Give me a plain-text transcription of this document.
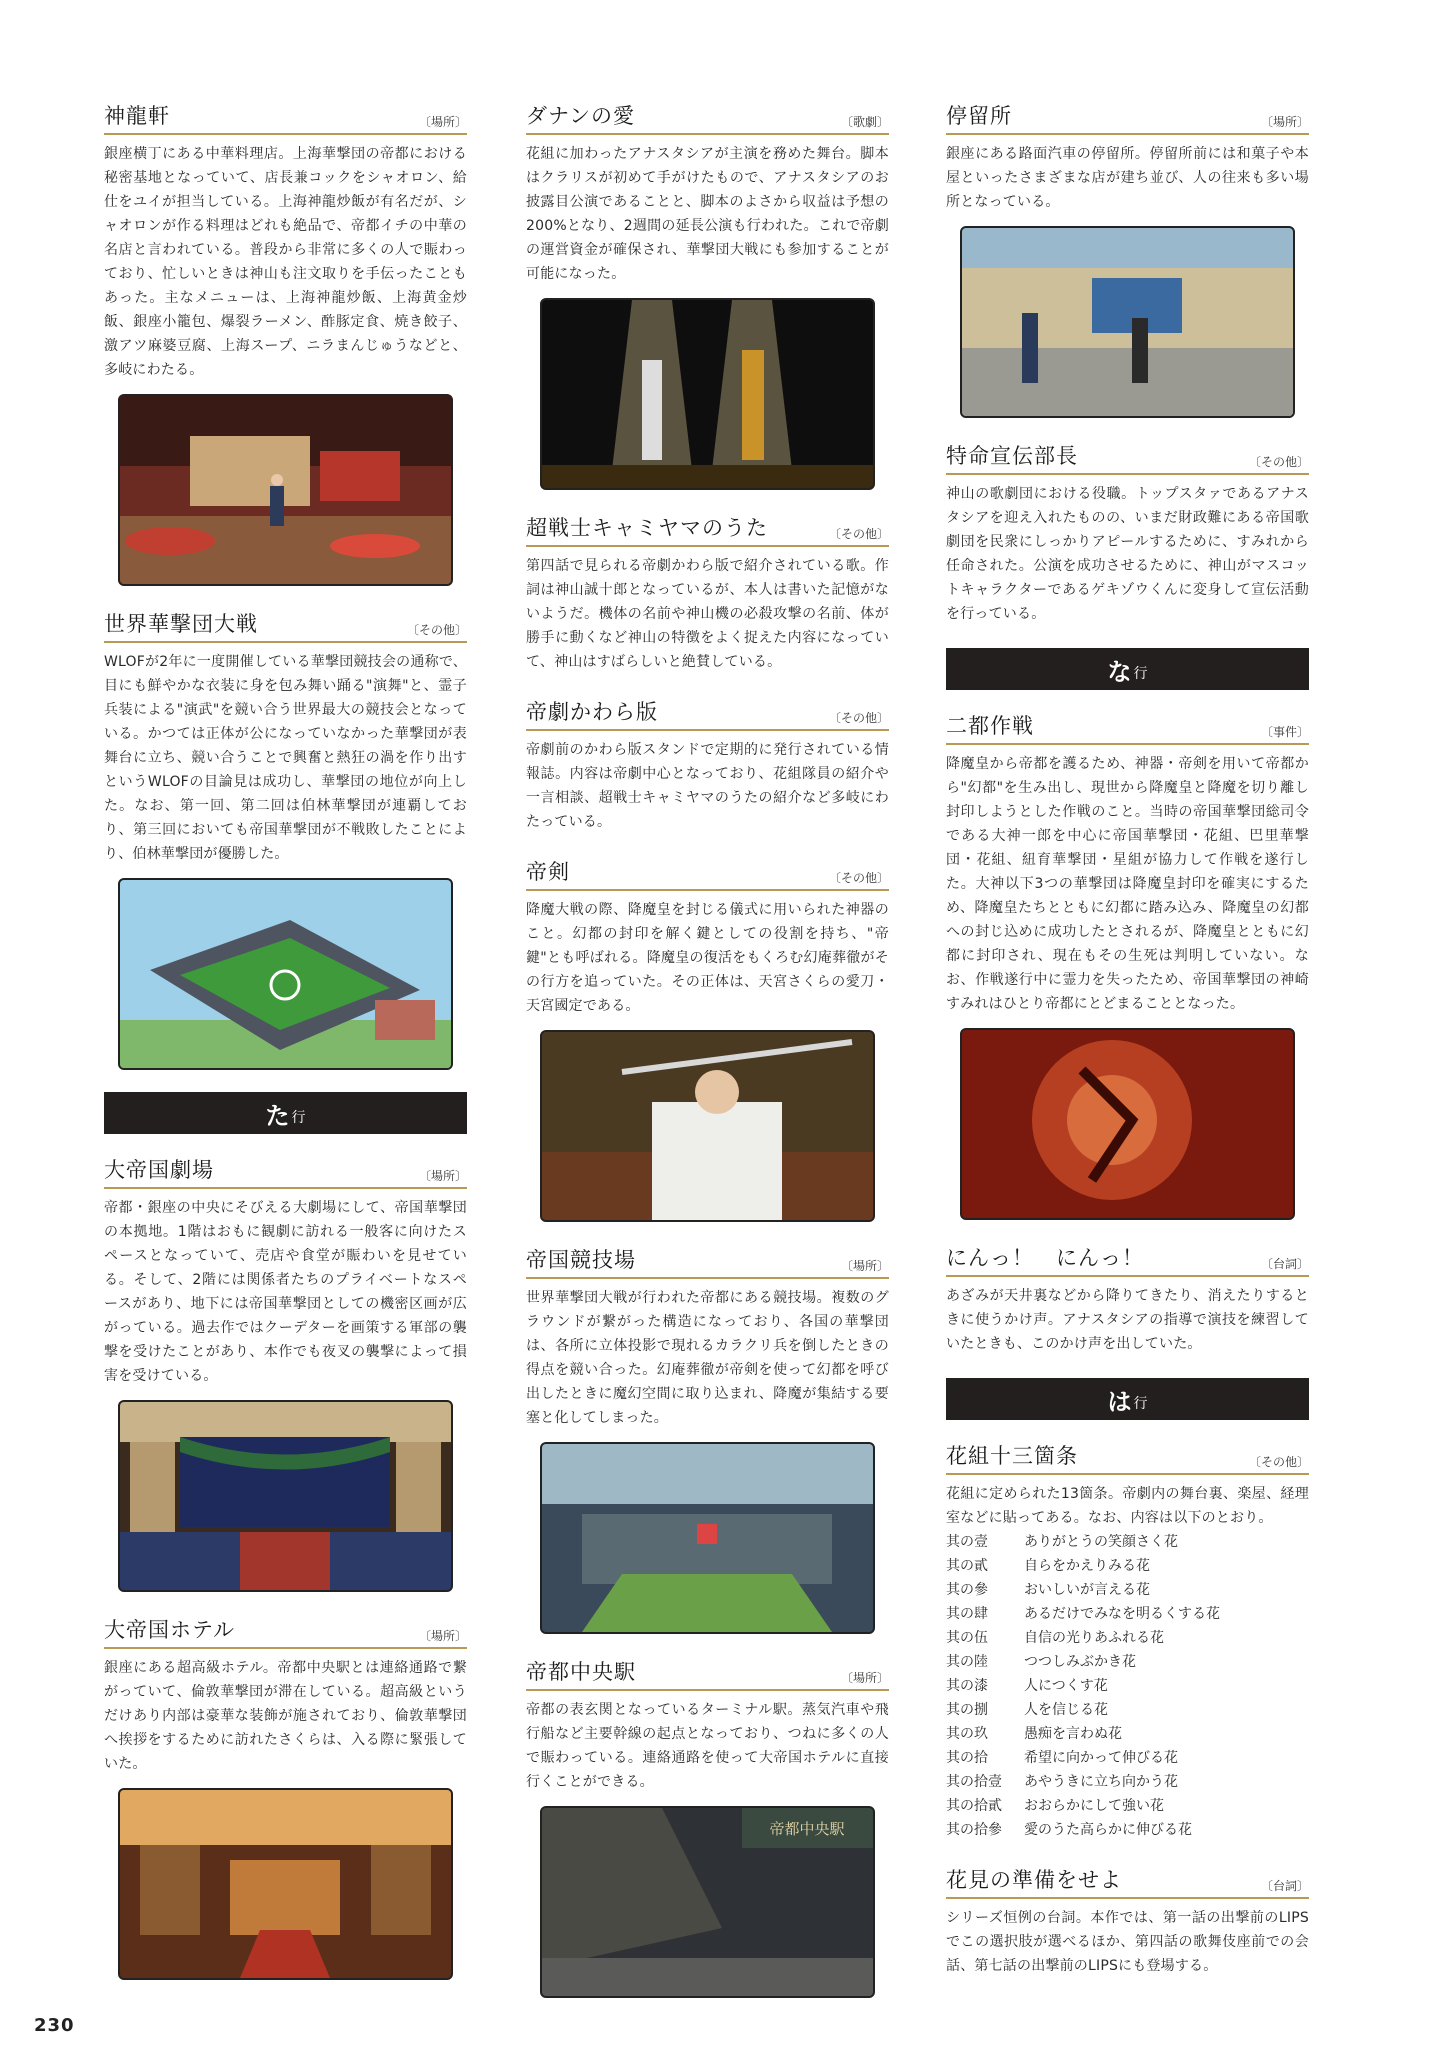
神龍軒	〔場所〕
銀座横丁にある中華料理店。上海華撃団の帝都における秘密基地となっていて、店長兼コックをシャオロン、給仕をユイが担当している。上海神龍炒飯が有名だが、シャオロンが作る料理はどれも絶品で、帝都イチの中華の名店と言われている。普段から非常に多くの人で賑わっており、忙しいときは神山も注文取りを手伝ったこともあった。主なメニューは、上海神龍炒飯、上海黄金炒飯、銀座小籠包、爆裂ラーメン、酢豚定食、焼き餃子、激アツ麻婆豆腐、上海スープ、ニラまんじゅうなどと、多岐にわたる。
世界華撃団大戦	〔その他〕
WLOFが2年に一度開催している華撃団競技会の通称で、目にも鮮やかな衣装に身を包み舞い踊る"演舞"と、霊子兵装による"演武"を競い合う世界最大の競技会となっている。かつては正体が公になっていなかった華撃団が表舞台に立ち、競い合うことで興奮と熱狂の渦を作り出すというWLOFの目論見は成功し、華撃団の地位が向上した。なお、第一回、第二回は伯林華撃団が連覇しており、第三回においても帝国華撃団が不戦敗したことにより、伯林華撃団が優勝した。
た 行
大帝国劇場	〔場所〕
帝都・銀座の中央にそびえる大劇場にして、帝国華撃団の本拠地。1階はおもに観劇に訪れる一般客に向けたスペースとなっていて、売店や食堂が賑わいを見せている。そして、2階には関係者たちのプライベートなスペースがあり、地下には帝国華撃団としての機密区画が広がっている。過去作ではクーデターを画策する軍部の襲撃を受けたことがあり、本作でも夜叉の襲撃によって損害を受けている。
大帝国ホテル	〔場所〕
銀座にある超高級ホテル。帝都中央駅とは連絡通路で繋がっていて、倫敦華撃団が滞在している。超高級というだけあり内部は豪華な装飾が施されており、倫敦華撃団へ挨拶をするために訪れたさくらは、入る際に緊張していた。
ダナンの愛	〔歌劇〕
花組に加わったアナスタシアが主演を務めた舞台。脚本はクラリスが初めて手がけたもので、アナスタシアのお披露目公演であることと、脚本のよさから収益は予想の200%となり、2週間の延長公演も行われた。これで帝劇の運営資金が確保され、華撃団大戦にも参加することが可能になった。
超戦士キャミヤマのうた	〔その他〕
第四話で見られる帝劇かわら版で紹介されている歌。作詞は神山誠十郎となっているが、本人は書いた記憶がないようだ。機体の名前や神山機の必殺攻撃の名前、体が勝手に動くなど神山の特徴をよく捉えた内容になっていて、神山はすばらしいと絶賛している。
帝劇かわら版	〔その他〕
帝劇前のかわら版スタンドで定期的に発行されている情報誌。内容は帝劇中心となっており、花組隊員の紹介や一言相談、超戦士キャミヤマのうたの紹介など多岐にわたっている。
帝剣	〔その他〕
降魔大戦の際、降魔皇を封じる儀式に用いられた神器のこと。幻都の封印を解く鍵としての役割を持ち、"帝鍵"とも呼ばれる。降魔皇の復活をもくろむ幻庵葬徹がその行方を追っていた。その正体は、天宮さくらの愛刀・天宮國定である。
帝国競技場	〔場所〕
世界華撃団大戦が行われた帝都にある競技場。複数のグラウンドが繋がった構造になっており、各国の華撃団は、各所に立体投影で現れるカラクリ兵を倒したときの得点を競い合った。幻庵葬徹が帝剣を使って幻都を呼び出したときに魔幻空間に取り込まれ、降魔が集結する要塞と化してしまった。
帝都中央駅	〔場所〕
帝都の表玄関となっているターミナル駅。蒸気汽車や飛行船など主要幹線の起点となっており、つねに多くの人で賑わっている。連絡通路を使って大帝国ホテルに直接行くことができる。
帝都中央駅
停留所	〔場所〕
銀座にある路面汽車の停留所。停留所前には和菓子や本屋といったさまざまな店が建ち並び、人の往来も多い場所となっている。
特命宣伝部長	〔その他〕
神山の歌劇団における役職。トップスタァであるアナスタシアを迎え入れたものの、いまだ財政難にある帝国歌劇団を民衆にしっかりアピールするために、すみれから任命された。公演を成功させるために、神山がマスコットキャラクターであるゲキゾウくんに変身して宣伝活動を行っている。
な 行
二都作戦	〔事件〕
降魔皇から帝都を護るため、神器・帝剣を用いて帝都から"幻都"を生み出し、現世から降魔皇と降魔を切り離し封印しようとした作戦のこと。当時の帝国華撃団総司令である大神一郎を中心に帝国華撃団・花組、巴里華撃団・花組、紐育華撃団・星組が協力して作戦を遂行した。大神以下3つの華撃団は降魔皇封印を確実にするため、降魔皇たちとともに幻都に踏み込み、降魔皇の幻都への封じ込めに成功したとされるが、降魔皇とともに幻都に封印され、現在もその生死は判明していない。なお、作戦遂行中に霊力を失ったため、帝国華撃団の神崎すみれはひとり帝都にとどまることとなった。
にんっ！　にんっ！	〔台詞〕
あざみが天井裏などから降りてきたり、消えたりするときに使うかけ声。アナスタシアの指導で演技を練習していたときも、このかけ声を出していた。
は 行
花組十三箇条	〔その他〕
花組に定められた13箇条。帝劇内の舞台裏、楽屋、経理室などに貼ってある。なお、内容は以下のとおり。
其の壹	ありがとうの笑顔さく花
其の貳	自らをかえりみる花
其の參	おいしいが言える花
其の肆	あるだけでみなを明るくする花
其の伍	自信の光りあふれる花
其の陸	つつしみぶかき花
其の漆	人につくす花
其の捌	人を信じる花
其の玖	愚痴を言わぬ花
其の拾	希望に向かって伸びる花
其の拾壹	あやうきに立ち向かう花
其の拾貳	おおらかにして強い花
其の拾參	愛のうた高らかに伸びる花
花見の準備をせよ	〔台詞〕
シリーズ恒例の台詞。本作では、第一話の出撃前のLIPSでこの選択肢が選べるほか、第四話の歌舞伎座前での会話、第七話の出撃前のLIPSにも登場する。
230
